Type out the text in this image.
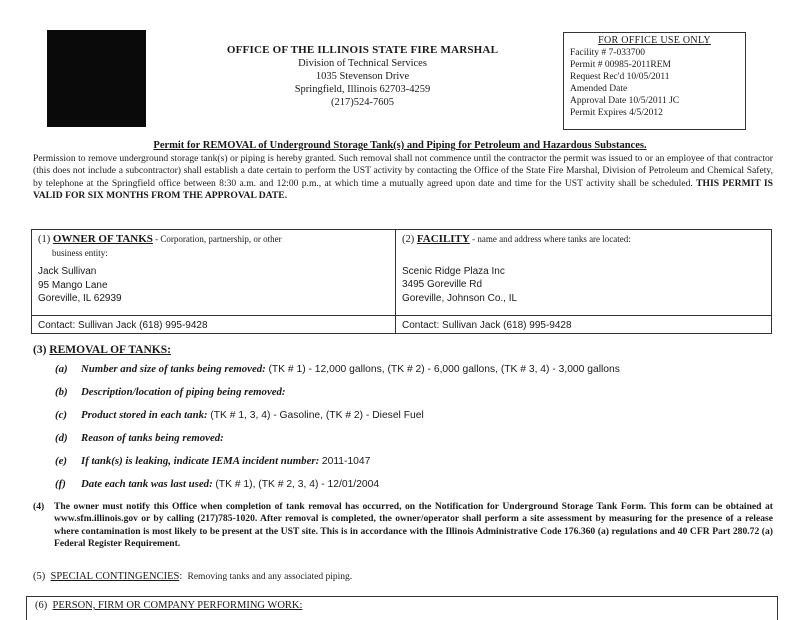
OFFICE OF THE ILLINOIS STATE FIRE MARSHAL
Division of Technical Services
1035 Stevenson Drive
Springfield, Illinois 62703-4259
(217)524-7605
FOR OFFICE USE ONLY
Facility # 7-033700
Permit # 00985-2011REM
Request Rec'd 10/05/2011
Amended Date
Approval Date 10/5/2011 JC
Permit Expires 4/5/2012
Permit for REMOVAL of Underground Storage Tank(s) and Piping for Petroleum and Hazardous Substances.
Permission to remove underground storage tank(s) or piping is hereby granted. Such removal shall not commence until the contractor the permit was issued to or an employee of that contractor (this does not include a subcontractor) shall establish a date certain to perform the UST activity by contacting the Office of the State Fire Marshal, Division of Petroleum and Chemical Safety, by telephone at the Springfield office between 8:30 a.m. and 12:00 p.m., at which time a mutually agreed upon date and time for the UST activity shall be scheduled. THIS PERMIT IS VALID FOR SIX MONTHS FROM THE APPROVAL DATE.
(1) OWNER OF TANKS - Corporation, partnership, or other
business entity:
Jack Sullivan
95 Mango Lane
Goreville, IL 62939
Contact: Sullivan Jack (618) 995-9428
(2) FACILITY - name and address where tanks are located:
Scenic Ridge Plaza Inc
3495 Goreville Rd
Goreville, Johnson Co., IL
Contact: Sullivan Jack (618) 995-9428
(3) REMOVAL OF TANKS:
(a) Number and size of tanks being removed: (TK # 1) - 12,000 gallons, (TK # 2) - 6,000 gallons, (TK # 3, 4) - 3,000 gallons
(b) Description/location of piping being removed:
(c) Product stored in each tank: (TK # 1, 3, 4) - Gasoline, (TK # 2) - Diesel Fuel
(d) Reason of tanks being removed:
(e) If tank(s) is leaking, indicate IEMA incident number: 2011-1047
(f) Date each tank was last used: (TK # 1), (TK # 2, 3, 4) - 12/01/2004
(4) The owner must notify this Office when completion of tank removal has occurred, on the Notification for Underground Storage Tank Form. This form can be obtained at www.sfm.illinois.gov or by calling (217)785-1020. After removal is completed, the owner/operator shall perform a site assessment by measuring for the presence of a release where contamination is most likely to be present at the UST site. This is in accordance with the Illinois Administrative Code 176.360 (a) regulations and 40 CFR Part 280.72 (a) Federal Register Requirement.
(5) SPECIAL CONTINGENCIES:  Removing tanks and any associated piping.
(6) PERSON, FIRM OR COMPANY PERFORMING WORK:
